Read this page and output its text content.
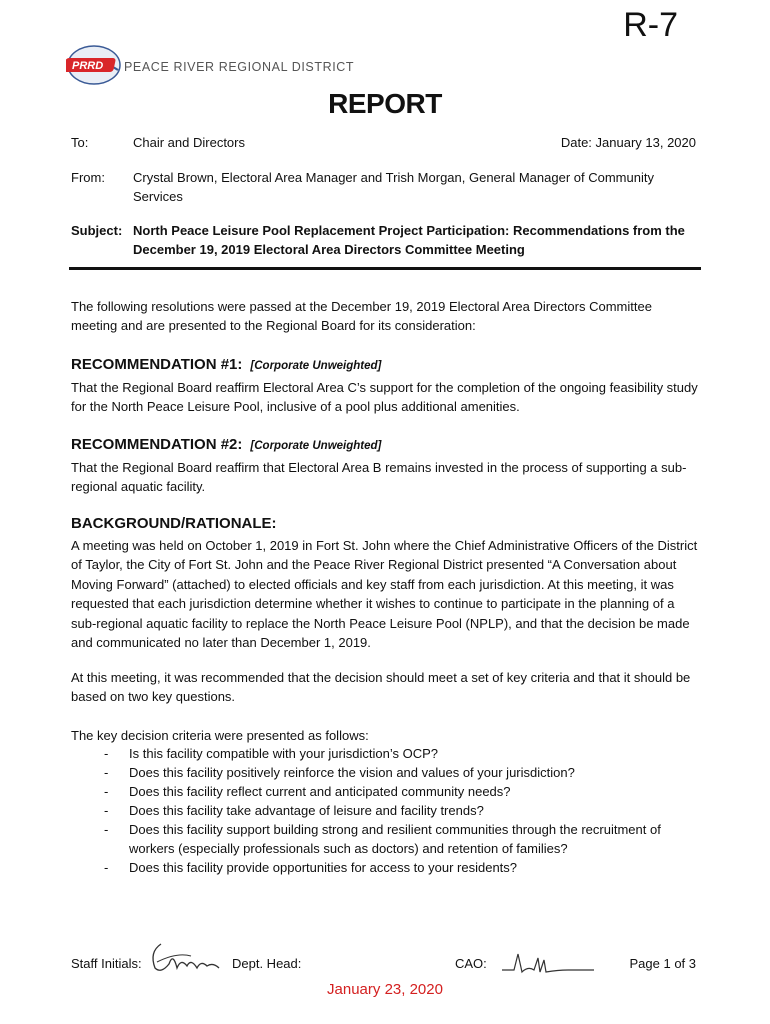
R-7
PRRD PEACE RIVER REGIONAL DISTRICT
REPORT
To:	Chair and Directors	Date: January 13, 2020
From: Crystal Brown, Electoral Area Manager and Trish Morgan, General Manager of Community Services
Subject: North Peace Leisure Pool Replacement Project Participation: Recommendations from the December 19, 2019 Electoral Area Directors Committee Meeting
The following resolutions were passed at the December 19, 2019 Electoral Area Directors Committee meeting and are presented to the Regional Board for its consideration:
RECOMMENDATION #1: [Corporate Unweighted]
That the Regional Board reaffirm Electoral Area C’s support for the completion of the ongoing feasibility study for the North Peace Leisure Pool, inclusive of a pool plus additional amenities.
RECOMMENDATION #2: [Corporate Unweighted]
That the Regional Board reaffirm that Electoral Area B remains invested in the process of supporting a sub-regional aquatic facility.
BACKGROUND/RATIONALE:
A meeting was held on October 1, 2019 in Fort St. John where the Chief Administrative Officers of the District of Taylor, the City of Fort St. John and the Peace River Regional District presented “A Conversation about Moving Forward” (attached) to elected officials and key staff from each jurisdiction. At this meeting, it was requested that each jurisdiction determine whether it wishes to continue to participate in the planning of a sub-regional aquatic facility to replace the North Peace Leisure Pool (NPLP), and that the decision be made and communicated no later than December 1, 2019.
At this meeting, it was recommended that the decision should meet a set of key criteria and that it should be based on two key questions.
The key decision criteria were presented as follows:
- Is this facility compatible with your jurisdiction’s OCP?
- Does this facility positively reinforce the vision and values of your jurisdiction?
- Does this facility reflect current and anticipated community needs?
- Does this facility take advantage of leisure and facility trends?
- Does this facility support building strong and resilient communities through the recruitment of workers (especially professionals such as doctors) and retention of families?
- Does this facility provide opportunities for access to your residents?
Staff Initials:	Dept. Head:	CAO:	Page 1 of 3
January 23, 2020
